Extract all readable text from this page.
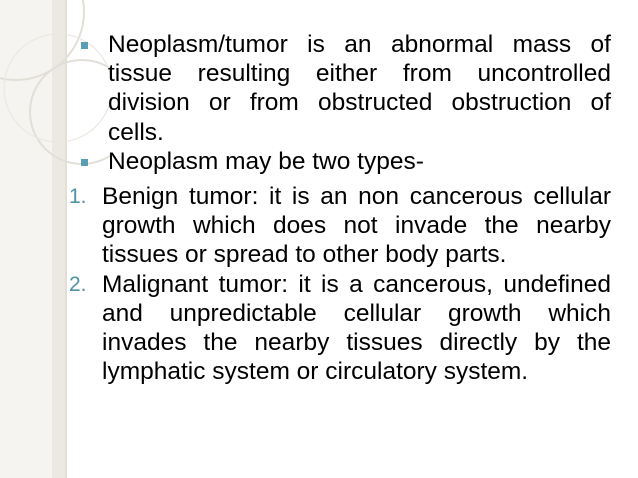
Neoplasm/tumor is an abnormal mass of tissue resulting either from uncontrolled division or from obstructed obstruction of cells.
Neoplasm may be two types-
1. Benign tumor: it is an non cancerous cellular growth which does not invade the nearby tissues or spread to other body parts.
2. Malignant tumor: it is a cancerous, undefined and unpredictable cellular growth which invades the nearby tissues directly by the lymphatic system or circulatory system.
